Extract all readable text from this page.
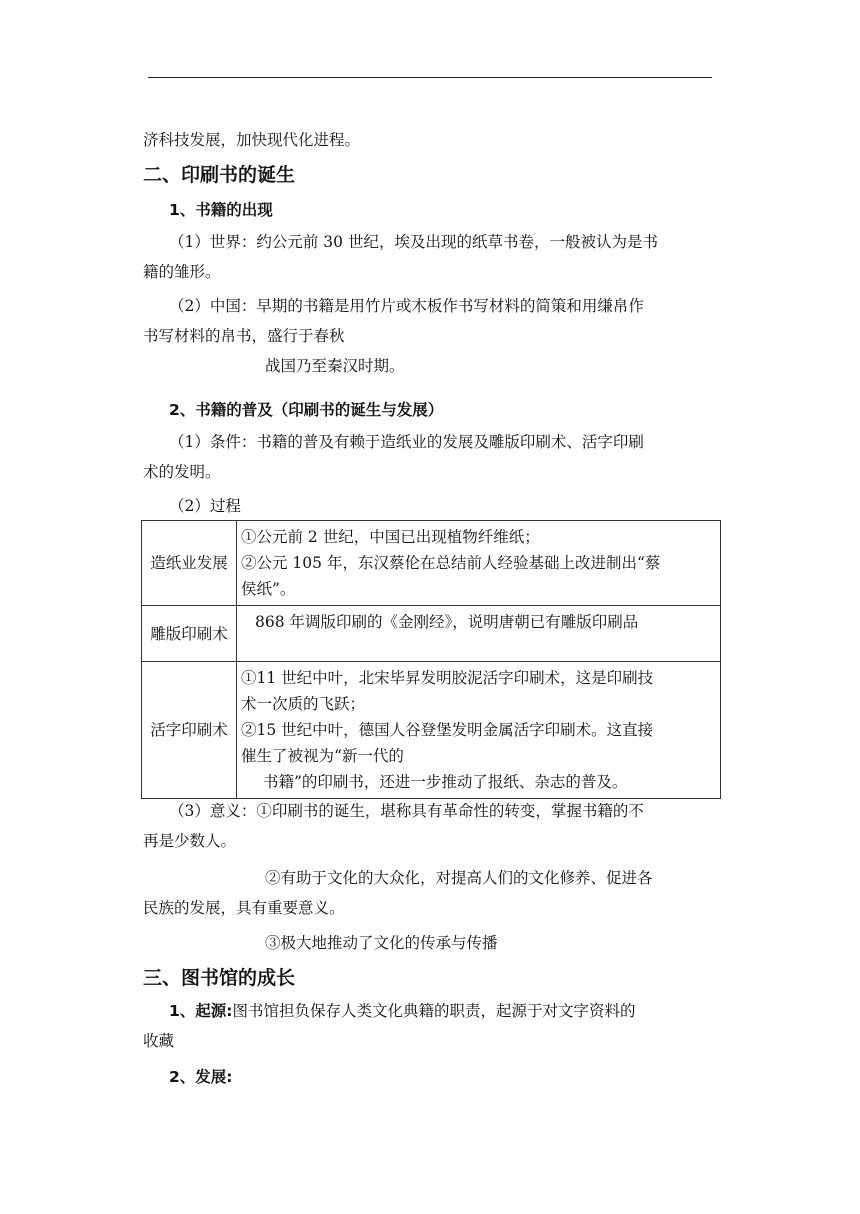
济科技发展，加快现代化进程。

二、印刷书的诞生

1、书籍的出现

（1）世界：约公元前 30 世纪，埃及出现的纸草书卷，一般被认为是书
籍的雏形。
（2）中国：早期的书籍是用竹片或木板作书写材料的简策和用缣帛作
书写材料的帛书，盛行于春秋
战国乃至秦汉时期。

2、书籍的普及（印刷书的诞生与发展）

（1）条件：书籍的普及有赖于造纸业的发展及雕版印刷术、活字印刷
术的发明。
（2）过程
造纸业发展	①公元前 2 世纪，中国已出现植物纤维纸；
②公元 105 年，东汉蔡伦在总结前人经验基础上改进制出“蔡
侯纸”。

雕版印刷术	868 年调版印刷的《金刚经》，说明唐朝已有雕版印刷品

活字印刷术	①11 世纪中叶，北宋毕昇发明胶泥活字印刷术，这是印刷技
术一次质的飞跃；
②15 世纪中叶，德国人谷登堡发明金属活字印刷术。这直接
催生了被视为“新一代的
书籍”的印刷书，还进一步推动了报纸、杂志的普及。
（3）意义：①印刷书的诞生，堪称具有革命性的转变，掌握书籍的不
再是少数人。
②有助于文化的大众化，对提高人们的文化修养、促进各
民族的发展，具有重要意义。
③极大地推动了文化的传承与传播

三、图书馆的成长

1、起源:图书馆担负保存人类文化典籍的职责，起源于对文字资料的
收藏
2、发展:
